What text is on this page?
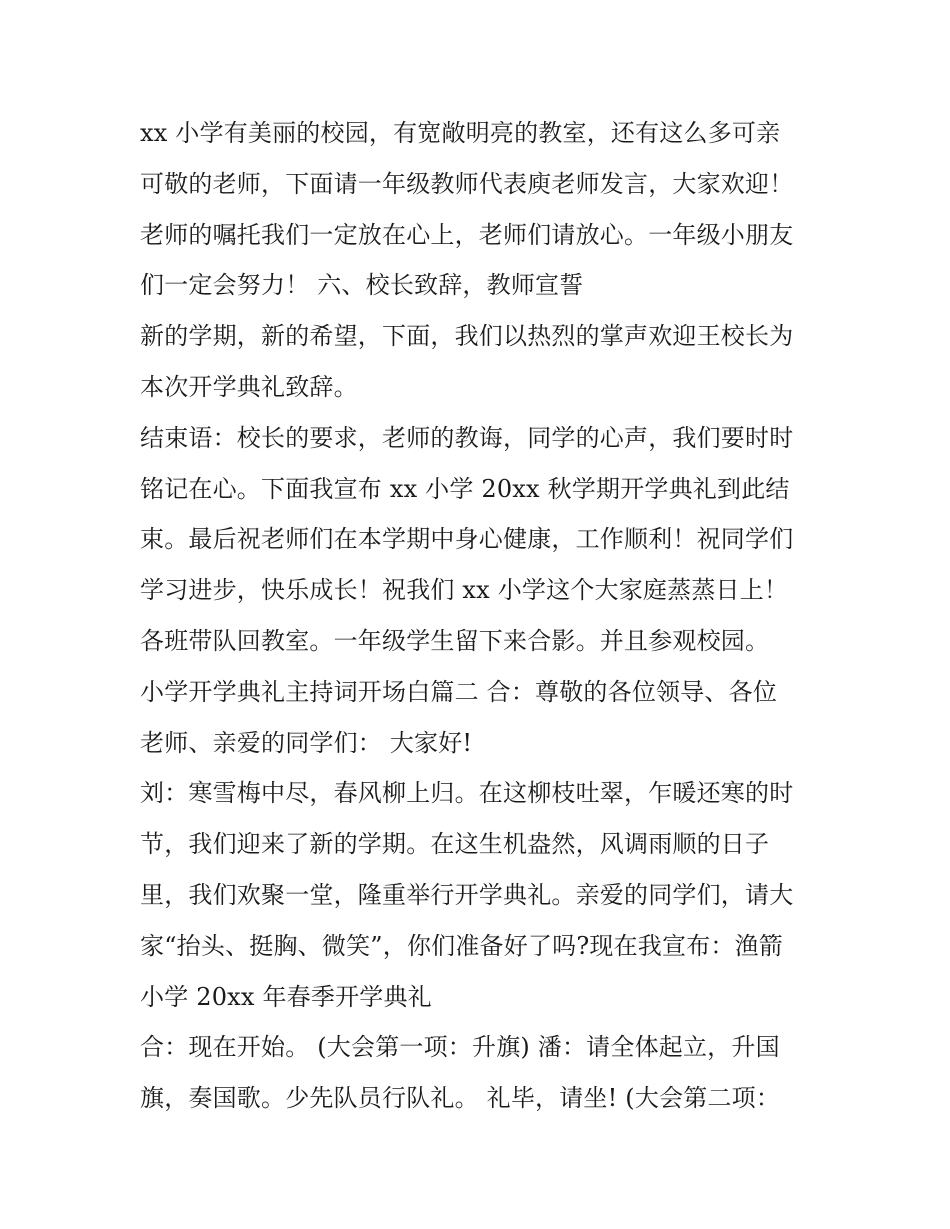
xx 小学有美丽的校园，有宽敞明亮的教室，还有这么多可亲
可敬的老师，下面请一年级教师代表庾老师发言，大家欢迎！
老师的嘱托我们一定放在心上，老师们请放心。一年级小朋友
们一定会努力！ 六、校长致辞，教师宣誓
新的学期，新的希望，下面，我们以热烈的掌声欢迎王校长为
本次开学典礼致辞。
结束语：校长的要求，老师的教诲，同学的心声，我们要时时
铭记在心。下面我宣布 xx 小学 20xx 秋学期开学典礼到此结
束。最后祝老师们在本学期中身心健康，工作顺利！祝同学们
学习进步，快乐成长！祝我们 xx 小学这个大家庭蒸蒸日上！
各班带队回教室。一年级学生留下来合影。并且参观校园。
小学开学典礼主持词开场白篇二 合：尊敬的各位领导、各位
老师、亲爱的同学们： 大家好!
刘：寒雪梅中尽，春风柳上归。在这柳枝吐翠，乍暖还寒的时
节，我们迎来了新的学期。在这生机盎然，风调雨顺的日子
里，我们欢聚一堂，隆重举行开学典礼。亲爱的同学们，请大
家“抬头、挺胸、微笑”，你们准备好了吗?现在我宣布：渔箭
小学 20xx 年春季开学典礼
合：现在开始。 (大会第一项：升旗) 潘：请全体起立，升国
旗，奏国歌。少先队员行队礼。 礼毕，请坐! (大会第二项：
